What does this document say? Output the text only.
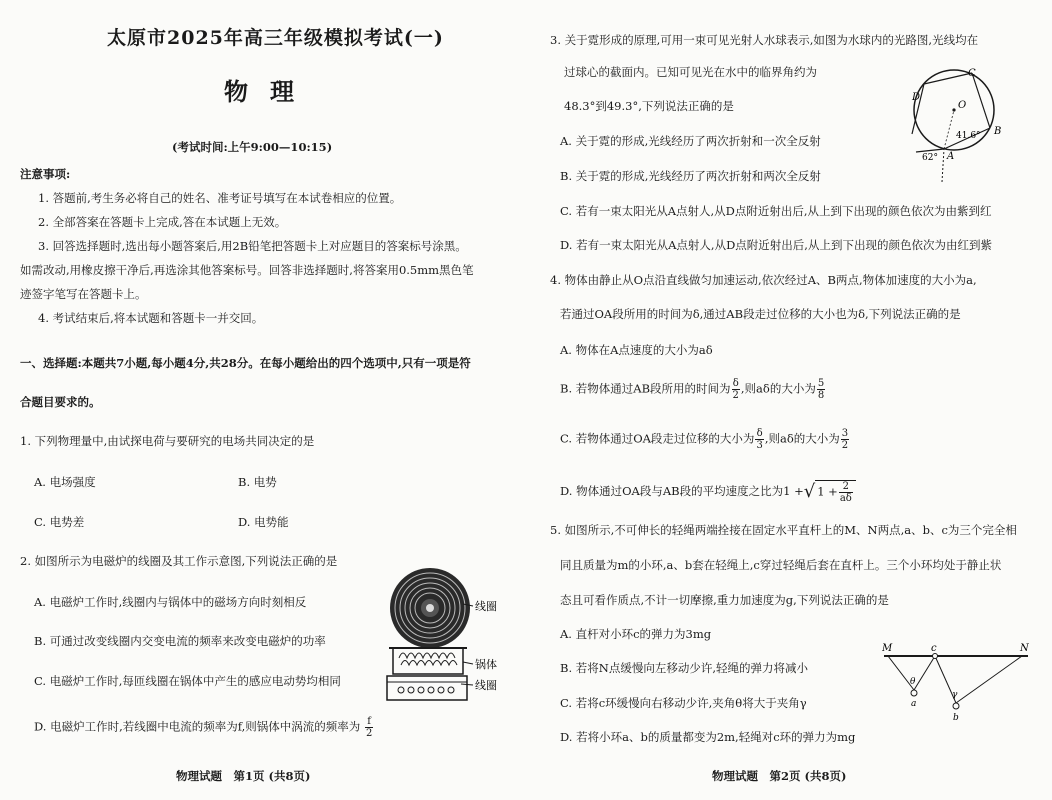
太原市2025年高三年级模拟考试(一)
物理
(考试时间:上午9:00—10:15)
注意事项:
1. 答题前,考生务必将自己的姓名、准考证号填写在本试卷相应的位置。
2. 全部答案在答题卡上完成,答在本试题上无效。
3. 回答选择题时,选出每小题答案后,用2B铅笔把答题卡上对应题目的答案标号涂黑。
如需改动,用橡皮擦干净后,再选涂其他答案标号。回答非选择题时,将答案用0.5mm黑色笔
迹签字笔写在答题卡上。
4. 考试结束后,将本试题和答题卡一并交回。
一、选择题:本题共7小题,每小题4分,共28分。在每小题给出的四个选项中,只有一项是符
合题目要求的。
1. 下列物理量中,由试探电荷与要研究的电场共同决定的是
A. 电场强度	B. 电势
C. 电势差	D. 电势能
2. 如图所示为电磁炉的线圈及其工作示意图,下列说法正确的是
A. 电磁炉工作时,线圈内与锅体中的磁场方向时刻相反
B. 可通过改变线圈内交变电流的频率来改变电磁炉的功率
C. 电磁炉工作时,每匝线圈在锅体中产生的感应电动势均相同
D. 电磁炉工作时,若线圈中电流的频率为f,则锅体中涡流的频率为 $\frac{f}{2}$
线圈
锅体
线圈
物理试题　第1页 (共8页)
3. 关于霓形成的原理,可用一束可见光射人水球表示,如图为水球内的光路图,光线均在
过球心的截面内。已知可见光在水中的临界角约为
48.3°到49.3°,下列说法正确的是
A. 关于霓的形成,光线经历了两次折射和一次全反射
B. 关于霓的形成,光线经历了两次折射和两次全反射
C. 若有一束太阳光从A点射人,从D点附近射出后,从上到下出现的颜色依次为由紫到红
D. 若有一束太阳光从A点射人,从D点附近射出后,从上到下出现的颜色依次为由红到紫
C
D
O
B
A
62°
41.6°
4. 物体由静止从O点沿直线做匀加速运动,依次经过A、B两点,物体加速度的大小为a,
若通过OA段所用的时间为δ,通过AB段走过位移的大小也为δ,下列说法正确的是
A. 物体在A点速度的大小为aδ
B. 若物体通过AB段所用的时间为 $\frac{\delta}{2}$ ,则aδ的大小为 $\frac{5}{8}$
C. 若物体通过OA段走过位移的大小为 $\frac{\delta}{3}$ ,则aδ的大小为 $\frac{3}{2}$
D. 物体通过OA段与AB段的平均速度之比为1 +√ $1 + \frac{2}{a\delta}$
5. 如图所示,不可伸长的轻绳两端拴接在固定水平直杆上的M、N两点,a、b、c为三个完全相
同且质量为m的小环,a、b套在轻绳上,c穿过轻绳后套在直杆上。三个小环均处于静止状
态且可看作质点,不计一切摩擦,重力加速度为g,下列说法正确的是
A. 直杆对小环c的弹力为3mg
B. 若将N点缓慢向左移动少许,轻绳的弹力将减小
C. 若将c环缓慢向右移动少许,夹角θ将大于夹角γ
D. 若将小环a、b的质量都变为2m,轻绳对c环的弹力为mg
M	c	N
θ
γ
a
b
物理试题　第2页 (共8页)
